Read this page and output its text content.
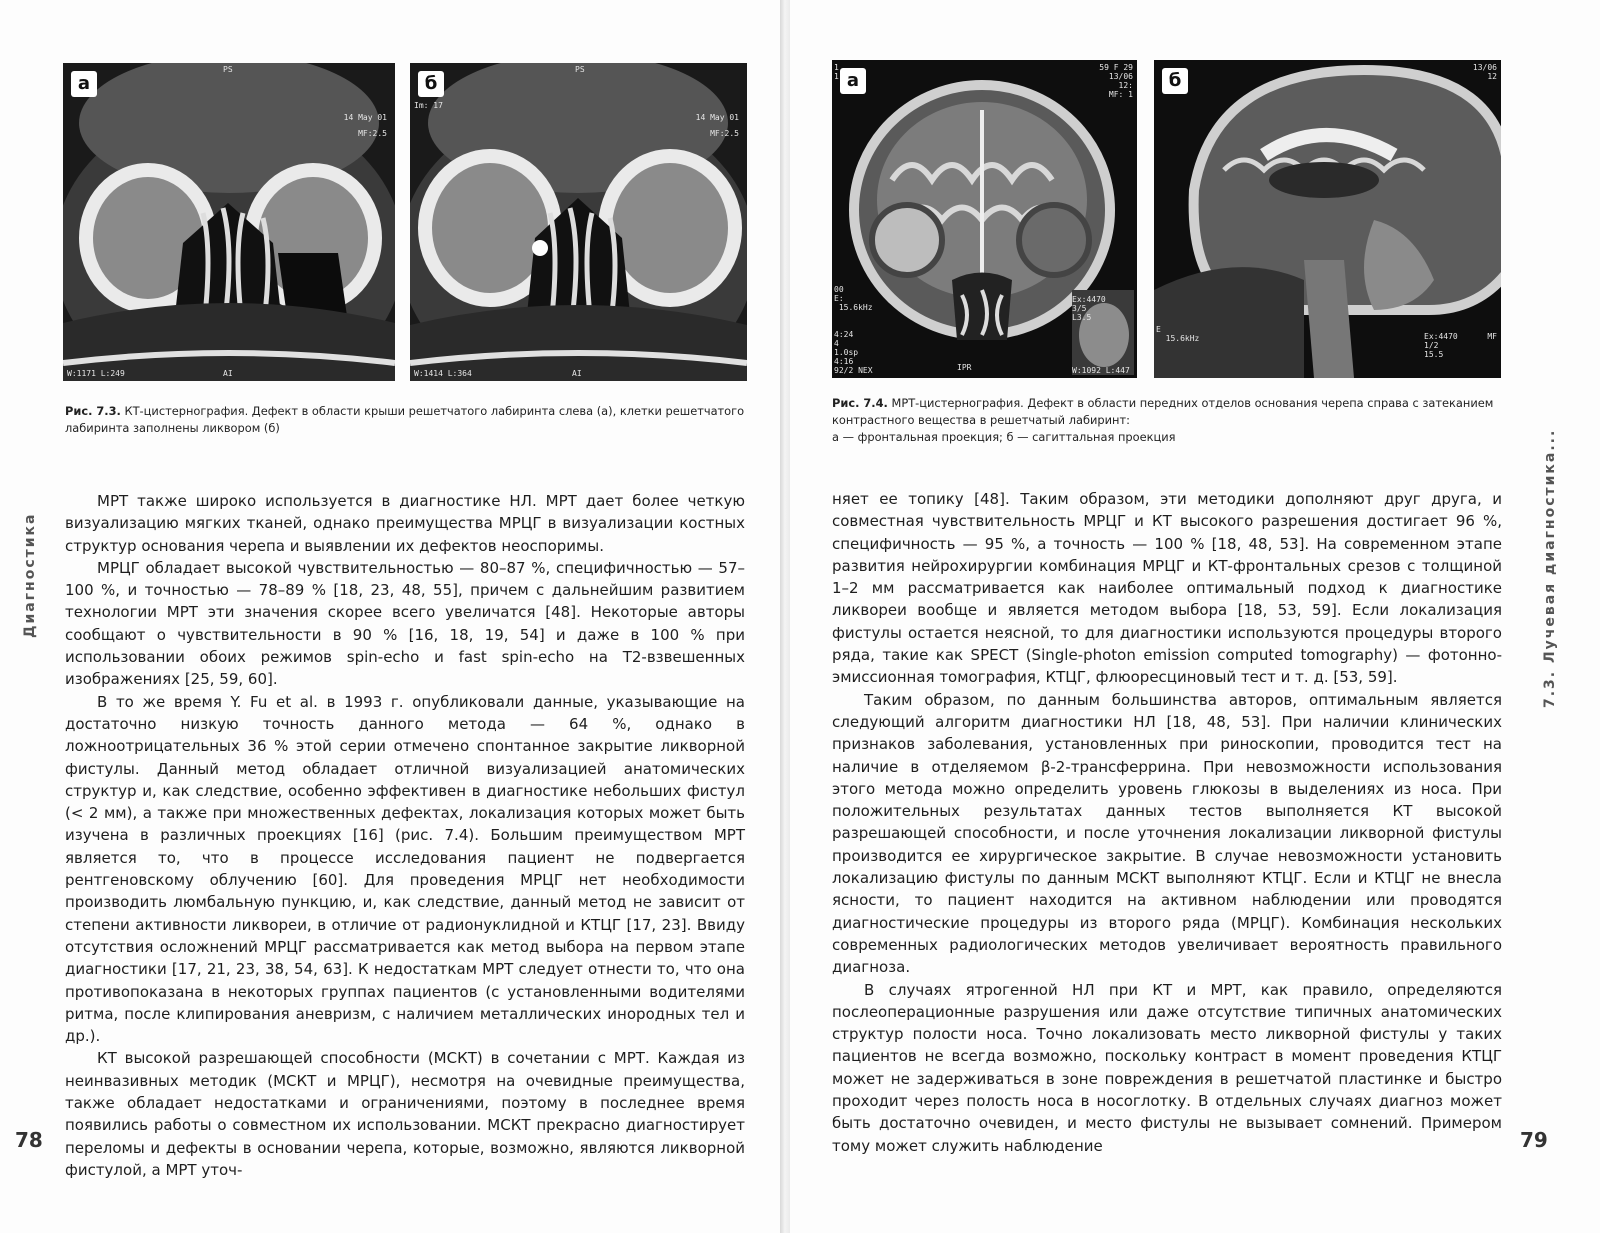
а
PS
14 May 01
MF:2.5
W:1171 L:249	AI
б
PS
Im: 17
14 May 01
MF:2.5
W:1414 L:364	AI
Рис. 7.3. КТ-цистернография. Дефект в области крыши решетчатого лабиринта слева (а), клетки решетчатого лабиринта заполнены ликвором (б)

МРТ также широко используется в диагностике НЛ. МРТ дает более четкую визуализацию мягких тканей, однако преимущества МРЦГ в визуализации костных структур основания черепа и выявлении их дефектов неоспоримы.

МРЦГ обладает высокой чувствительностью — 80–87 %, специфичностью — 57–100 %, и точностью — 78–89 % [18, 23, 48, 55], причем с дальнейшим развитием технологии МРТ эти значения скорее всего увеличатся [48]. Некоторые авторы сообщают о чувствительности в 90 % [16, 18, 19, 54] и даже в 100 % при использовании обоих режимов spin-echo и fast spin-echo на Т2-взвешенных изображениях [25, 59, 60].

В то же время Y. Fu et al. в 1993 г. опубликовали данные, указывающие на достаточно низкую точность данного метода — 64 %, однако в ложноотрицательных 36 % этой серии отмечено спонтанное закрытие ликворной фистулы. Данный метод обладает отличной визуализацией анатомических структур и, как следствие, особенно эффективен в диагностике небольших фистул (< 2 мм), а также при множественных дефектах, локализация которых может быть изучена в различных проекциях [16] (рис. 7.4). Большим преимуществом МРТ является то, что в процессе исследования пациент не подвергается рентгеновскому облучению [60]. Для проведения МРЦГ нет необходимости производить люмбальную пункцию, и, как следствие, данный метод не зависит от степени активности ликвореи, в отличие от радионуклидной и КТЦГ [17, 23]. Ввиду отсутствия осложнений МРЦГ рассматривается как метод выбора на первом этапе диагностики [17, 21, 23, 38, 54, 63]. К недостаткам МРТ следует отнести то, что она противопоказана в некоторых группах пациентов (с установленными водителями ритма, после клипирования аневризм, с наличием металлических инородных тел и др.).

КТ высокой разрешающей способности (МСКТ) в сочетании с МРТ. Каждая из неинвазивных методик (МСКТ и МРЦГ), несмотря на очевидные преимущества, также обладает недостатками и ограничениями, поэтому в последнее время появились работы о совместном их использовании. МСКТ прекрасно диагностирует переломы и дефекты в основании черепа, которые, возможно, являются ликворной фистулой, а МРТ уточ-

Диагностика
78
а
59 F 29
13/06
12:
MF: 1
1
1
00
E:
15.6kHz
4:24
4
1.0sp
4:16
92/2 NEX
Ex:4470
3/5
L3.5
IPR	W:1092 L:447
б
13/06
12
E
15.6kHz	Ex:4470
1/2
15.5
MF
Рис. 7.4. МРТ-цистернография. Дефект в области передних отделов основания черепа справа с затеканием контрастного вещества в решетчатый лабиринт:
а — фронтальная проекция; б — сагиттальная проекция

няет ее топику [48]. Таким образом, эти методики дополняют друг друга, и совместная чувствительность МРЦГ и КТ высокого разрешения достигает 96 %, специфичность — 95 %, а точность — 100 % [18, 48, 53]. На современном этапе развития нейрохирургии комбинация МРЦГ и КТ-фронтальных срезов с толщиной 1–2 мм рассматривается как наиболее оптимальный подход к диагностике ликвореи вообще и является методом выбора [18, 53, 59]. Если локализация фистулы остается неясной, то для диагностики используются процедуры второго ряда, такие как SPECT (Single-photon emission computed tomography) — фотонно-эмиссионная томография, КТЦГ, флюоресциновый тест и т. д. [53, 59].

Таким образом, по данным большинства авторов, оптимальным является следующий алгоритм диагностики НЛ [18, 48, 53]. При наличии клинических признаков заболевания, установленных при риноскопии, проводится тест на наличие в отделяемом β-2-трансферрина. При невозможности использования этого метода можно определить уровень глюкозы в выделениях из носа. При положительных результатах данных тестов выполняется КТ высокой разрешающей способности, и после уточнения локализации ликворной фистулы производится ее хирургическое закрытие. В случае невозможности установить локализацию фистулы по данным МСКТ выполняют КТЦГ. Если и КТЦГ не внесла ясности, то пациент находится на активном наблюдении или проводятся диагностические процедуры из второго ряда (МРЦГ). Комбинация нескольких современных радиологических методов увеличивает вероятность правильного диагноза.

В случаях ятрогенной НЛ при КТ и МРТ, как правило, определяются послеоперационные разрушения или даже отсутствие типичных анатомических структур полости носа. Точно локализовать место ликворной фистулы у таких пациентов не всегда возможно, поскольку контраст в момент проведения КТЦГ может не задерживаться в зоне повреждения в решетчатой пластинке и быстро проходит через полость носа в носоглотку. В отдельных случаях диагноз может быть достаточно очевиден, и место фистулы не вызывает сомнений. Примером тому может служить наблюдение

7.3. Лучевая диагностика...
79
